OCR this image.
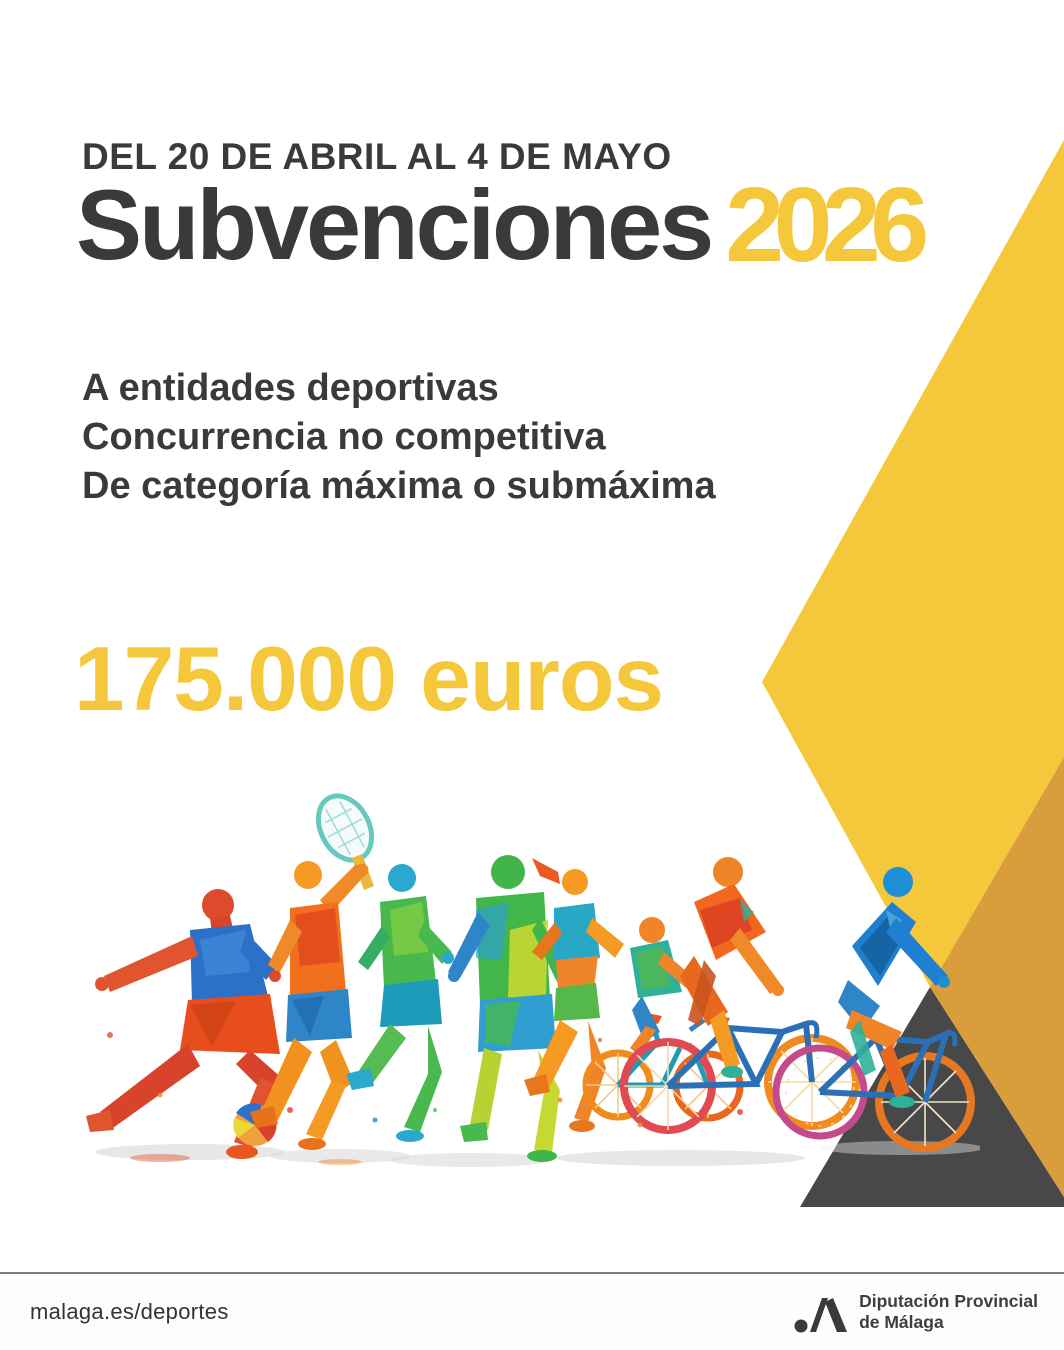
DEL 20 DE ABRIL AL 4 DE MAYO
Subvenciones 2026
A entidades deportivas
Concurrencia no competitiva
De categoría máxima o submáxima
175.000 euros
malaga.es/deportes	Diputación Provincial
de Málaga
